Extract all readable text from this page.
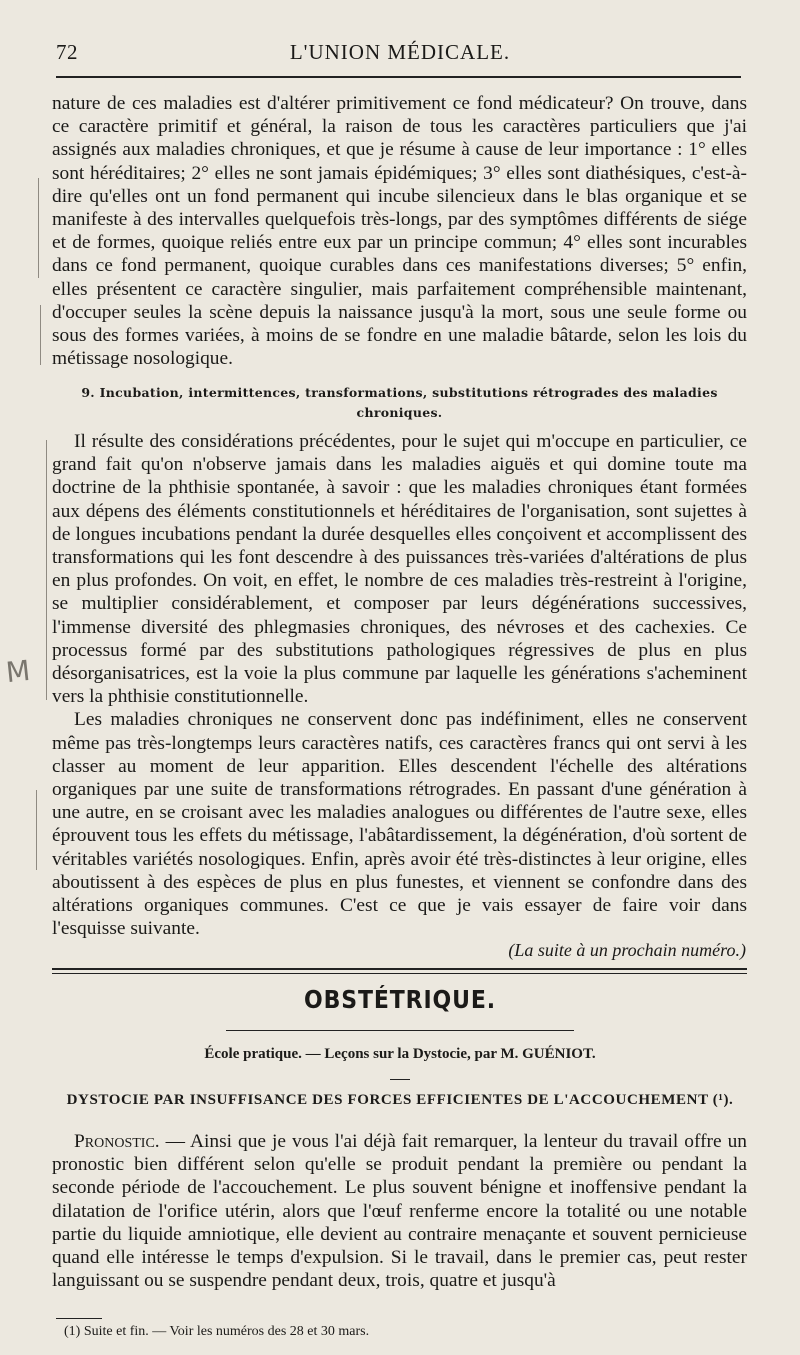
72	L'UNION MÉDICALE.

nature de ces maladies est d'altérer primitivement ce fond médicateur? On trouve, dans ce caractère primitif et général, la raison de tous les caractères particuliers que j'ai assignés aux maladies chroniques, et que je résume à cause de leur importance : 1° elles sont héréditaires; 2° elles ne sont jamais épidémiques; 3° elles sont diathésiques, c'est-à-dire qu'elles ont un fond permanent qui incube silencieux dans le blas organique et se manifeste à des intervalles quelquefois très-longs, par des symptômes différents de siége et de formes, quoique reliés entre eux par un principe commun; 4° elles sont incurables dans ce fond permanent, quoique curables dans ces manifestations diverses; 5° enfin, elles présentent ce caractère singulier, mais parfaitement compréhensible maintenant, d'occuper seules la scène depuis la naissance jusqu'à la mort, sous une seule forme ou sous des formes variées, à moins de se fondre en une maladie bâtarde, selon les lois du métissage nosologique.

9. Incubation, intermittences, transformations, substitutions rétrogrades des maladies chroniques.

Il résulte des considérations précédentes, pour le sujet qui m'occupe en particulier, ce grand fait qu'on n'observe jamais dans les maladies aiguës et qui domine toute ma doctrine de la phthisie spontanée, à savoir : que les maladies chroniques étant formées aux dépens des éléments constitutionnels et héréditaires de l'organisation, sont sujettes à de longues incubations pendant la durée desquelles elles conçoivent et accomplissent des transformations qui les font descendre à des puissances très-variées d'altérations de plus en plus profondes. On voit, en effet, le nombre de ces maladies très-restreint à l'origine, se multiplier considérablement, et composer par leurs dégénérations successives, l'immense diversité des phlegmasies chroniques, des névroses et des cachexies. Ce processus formé par des substitutions pathologiques régressives de plus en plus désorganisatrices, est la voie la plus commune par laquelle les générations s'acheminent vers la phthisie constitutionnelle.

Les maladies chroniques ne conservent donc pas indéfiniment, elles ne conservent même pas très-longtemps leurs caractères natifs, ces caractères francs qui ont servi à les classer au moment de leur apparition. Elles descendent l'échelle des altérations organiques par une suite de transformations rétrogrades. En passant d'une génération à une autre, en se croisant avec les maladies analogues ou différentes de l'autre sexe, elles éprouvent tous les effets du métissage, l'abâtardissement, la dégénération, d'où sortent de véritables variétés nosologiques. Enfin, après avoir été très-distinctes à leur origine, elles aboutissent à des espèces de plus en plus funestes, et viennent se confondre dans des altérations organiques communes. C'est ce que je vais essayer de faire voir dans l'esquisse suivante.

(La suite à un prochain numéro.)
OBSTÉTRIQUE.
École pratique. — Leçons sur la Dystocie, par M. GUÉNIOT.
DYSTOCIE PAR INSUFFISANCE DES FORCES EFFICIENTES DE L'ACCOUCHEMENT (¹).

Pronostic. — Ainsi que je vous l'ai déjà fait remarquer, la lenteur du travail offre un pronostic bien différent selon qu'elle se produit pendant la première ou pendant la seconde période de l'accouchement. Le plus souvent bénigne et inoffensive pendant la dilatation de l'orifice utérin, alors que l'œuf renferme encore la totalité ou une notable partie du liquide amniotique, elle devient au contraire menaçante et souvent pernicieuse quand elle intéresse le temps d'expulsion. Si le travail, dans le premier cas, peut rester languissant ou se suspendre pendant deux, trois, quatre et jusqu'à

(1) Suite et fin. — Voir les numéros des 28 et 30 mars.
M
